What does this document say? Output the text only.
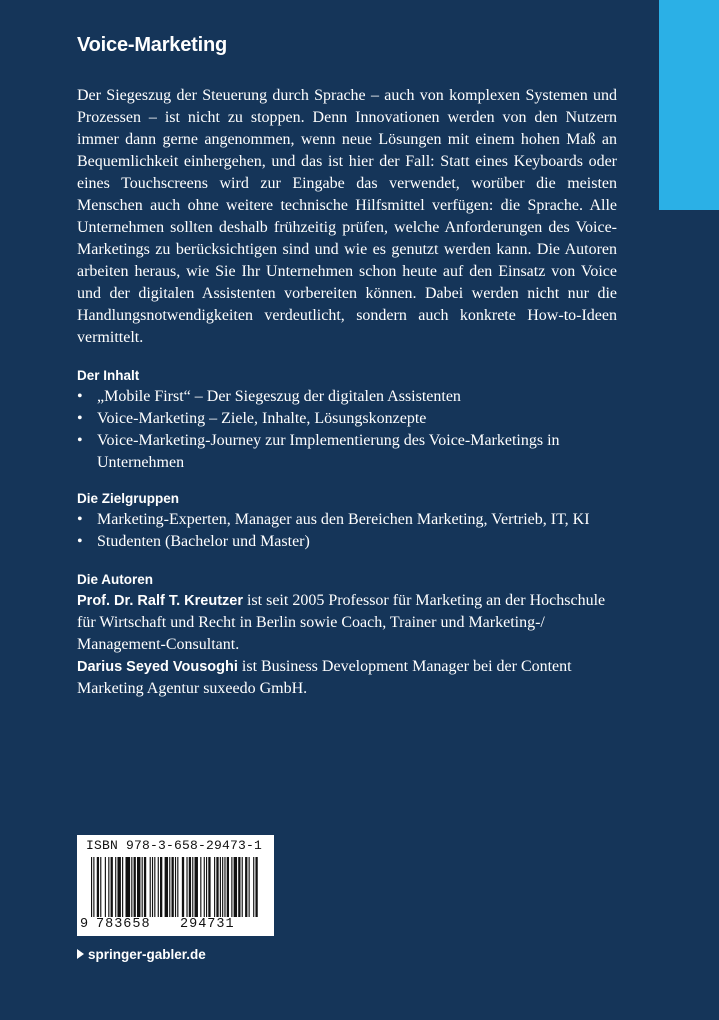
Voice-Marketing

Der Siegeszug der Steuerung durch Sprache – auch von komplexen Systemen und Prozessen – ist nicht zu stoppen. Denn Innovationen werden von den Nutzern immer dann gerne angenommen, wenn neue Lösungen mit einem hohen Maß an Bequemlichkeit einhergehen, und das ist hier der Fall: Statt eines Keyboards oder eines Touchscreens wird zur Eingabe das verwendet, worüber die meisten Menschen auch ohne weitere technische Hilfsmittel verfügen: die Sprache. Alle Unternehmen sollten deshalb frühzeitig prüfen, welche Anforderungen des Voice-Marketings zu berücksichtigen sind und wie es genutzt werden kann. Die Autoren arbeiten heraus, wie Sie Ihr Unternehmen schon heute auf den Einsatz von Voice und der digitalen Assistenten vorbereiten können. Dabei werden nicht nur die Handlungsnotwendigkeiten verdeutlicht, sondern auch konkrete How-to-Ideen vermittelt.

Der Inhalt
• „Mobile First“ – Der Siegeszug der digitalen Assistenten
• Voice-Marketing – Ziele, Inhalte, Lösungskonzepte
• Voice-Marketing-Journey zur Implementierung des Voice-Marketings in Unternehmen
Die Zielgruppen
• Marketing-Experten, Manager aus den Bereichen Marketing, Vertrieb, IT, KI
• Studenten (Bachelor und Master)
Die Autoren

Prof. Dr. Ralf T. Kreutzer ist seit 2005 Professor für Marketing an der Hochschule für Wirtschaft und Recht in Berlin sowie Coach, Trainer und Marketing-/ Management-Consultant.

Darius Seyed Vousoghi ist Business Development Manager bei der Content Marketing Agentur suxeedo GmbH.

ISBN 978-3-658-29473-1
9 783658 294731
springer-gabler.de
